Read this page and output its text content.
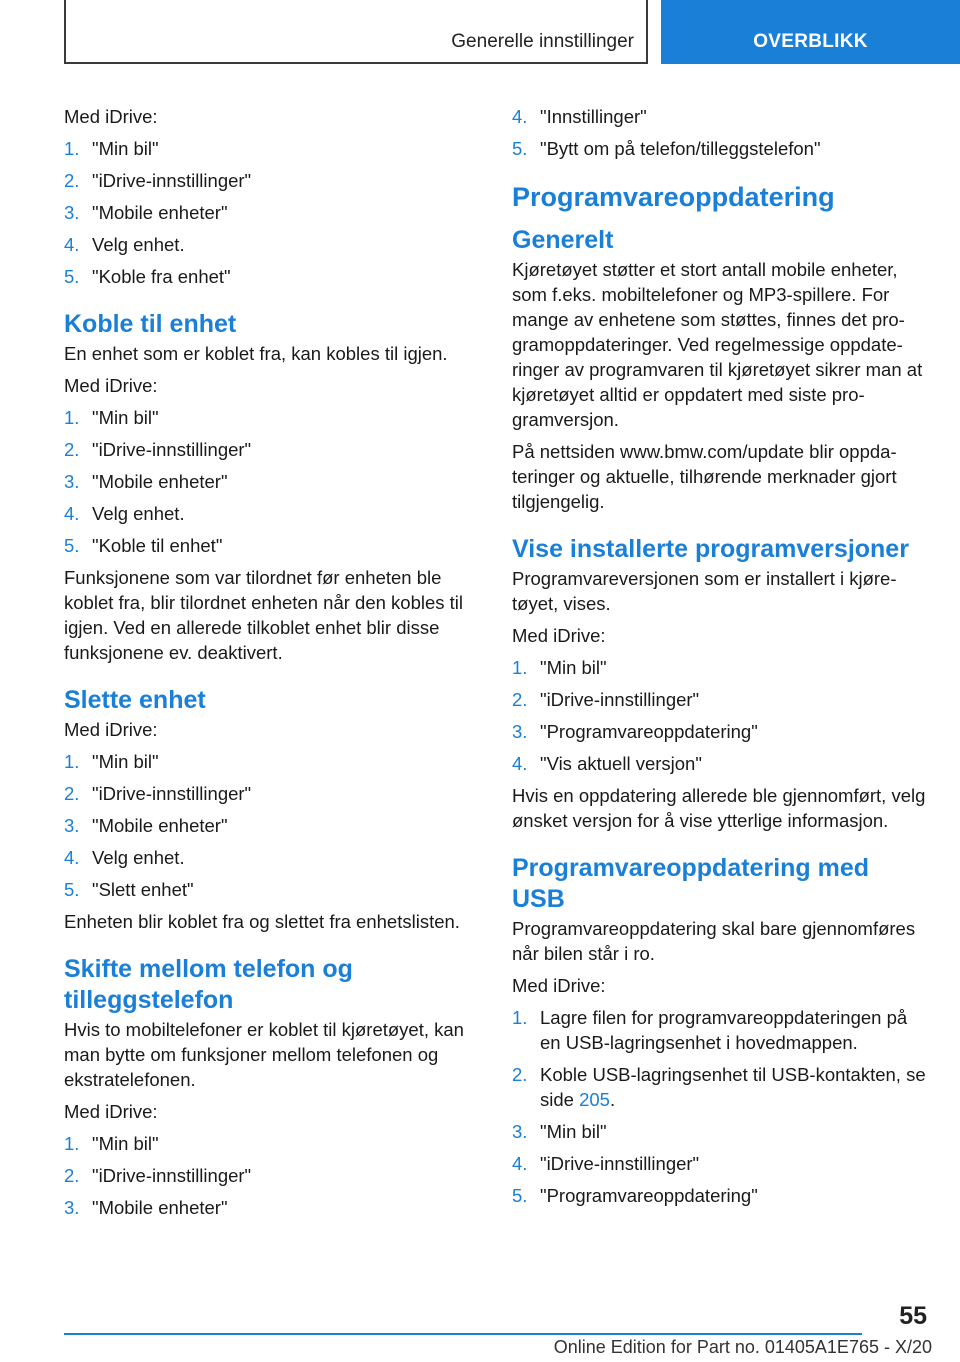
Generelle innstillinger	OVERBLIKK

Med iDrive:

1. "Min bil"
2. "iDrive-innstillinger"
3. "Mobile enheter"
4. Velg enhet.
5. "Koble fra enhet"
Koble til enhet

En enhet som er koblet fra, kan kobles til igjen.

Med iDrive:

1. "Min bil"
2. "iDrive-innstillinger"
3. "Mobile enheter"
4. Velg enhet.
5. "Koble til enhet"

Funksjonene som var tilordnet før enheten ble koblet fra, blir tilordnet enheten når den kobles til igjen. Ved en allerede tilkoblet enhet blir disse funksjonene ev. deaktivert.

Slette enhet

Med iDrive:

1. "Min bil"
2. "iDrive-innstillinger"
3. "Mobile enheter"
4. Velg enhet.
5. "Slett enhet"

Enheten blir koblet fra og slettet fra enhetslisten.

Skifte mellom telefon og tilleggstelefon

Hvis to mobiltelefoner er koblet til kjøretøyet, kan man bytte om funksjoner mellom telefonen og ekstratelefonen.

Med iDrive:

1. "Min bil"
2. "iDrive-innstillinger"
3. "Mobile enheter"
4. "Innstillinger"
5. "Bytt om på telefon/tilleggstelefon"
Programvareoppdatering
Generelt

Kjøretøyet støtter et stort antall mobile enheter, som f.eks. mobiltelefoner og MP3-spillere. For mange av enhetene som støttes, finnes det programoppdateringer. Ved regelmessige oppdateringer av programvaren til kjøretøyet sikrer man at kjøretøyet alltid er oppdatert med siste programversjon.

På nettsiden www.bmw.com/update blir oppdateringer og aktuelle, tilhørende merknader gjort tilgjengelig.

Vise installerte programversjoner

Programvareversjonen som er installert i kjøretøyet, vises.

Med iDrive:

1. "Min bil"
2. "iDrive-innstillinger"
3. "Programvareoppdatering"
4. "Vis aktuell versjon"

Hvis en oppdatering allerede ble gjennomført, velg ønsket versjon for å vise ytterlige informasjon.

Programvareoppdatering med USB

Programvareoppdatering skal bare gjennomføres når bilen står i ro.

Med iDrive:

1. Lagre filen for programvareoppdateringen på en USB-lagringsenhet i hovedmappen.
2. Koble USB-lagringsenhet til USB-kontakten, se side 205.
3. "Min bil"
4. "iDrive-innstillinger"
5. "Programvareoppdatering"
55
Online Edition for Part no. 01405A1E765 - X/20
